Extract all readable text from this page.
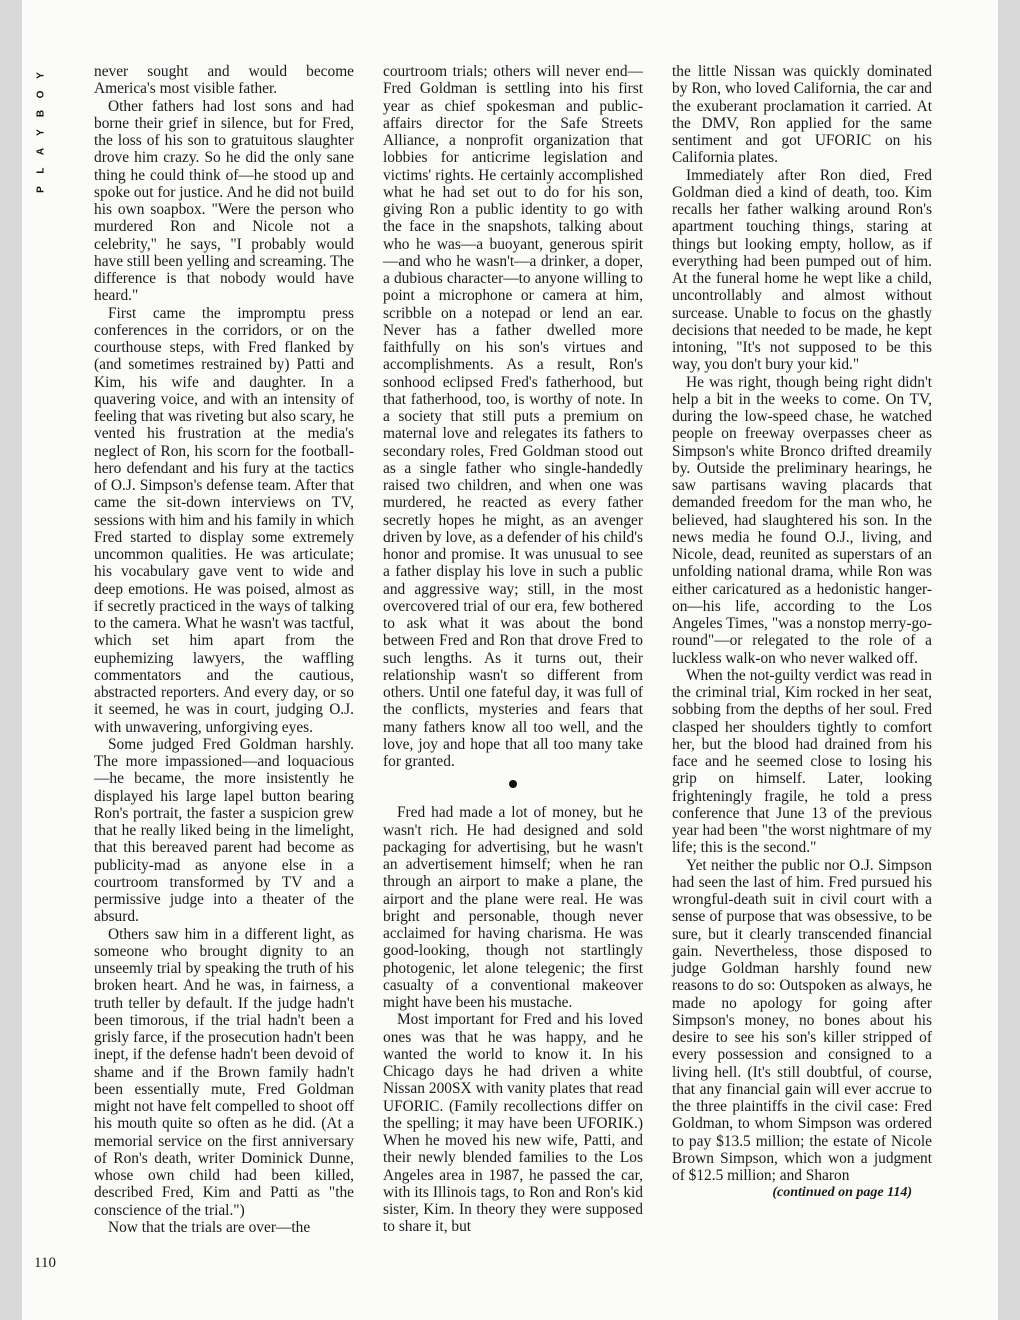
Y
O
B
Y
A
L
P

never sought and would become America's most visible father.

Other fathers had lost sons and had borne their grief in silence, but for Fred, the loss of his son to gratuitous slaughter drove him crazy. So he did the only sane thing he could think of—he stood up and spoke out for justice. And he did not build his own soapbox. "Were the person who murdered Ron and Nicole not a celebrity," he says, "I probably would have still been yelling and screaming. The difference is that nobody would have heard."

First came the impromptu press conferences in the corridors, or on the courthouse steps, with Fred flanked by (and sometimes restrained by) Patti and Kim, his wife and daughter. In a quavering voice, and with an intensity of feeling that was riveting but also scary, he vented his frustration at the media's neglect of Ron, his scorn for the football-hero defendant and his fury at the tactics of O.J. Simpson's defense team. After that came the sit-down interviews on TV, sessions with him and his family in which Fred started to display some extremely uncommon qualities. He was articulate; his vocabulary gave vent to wide and deep emotions. He was poised, almost as if secretly practiced in the ways of talking to the camera. What he wasn't was tactful, which set him apart from the euphemizing lawyers, the waffling commentators and the cautious, abstracted reporters. And every day, or so it seemed, he was in court, judging O.J. with unwavering, unforgiving eyes.

Some judged Fred Goldman harshly. The more impassioned—and loquacious—he became, the more insistently he displayed his large lapel button bearing Ron's portrait, the faster a suspicion grew that he really liked being in the limelight, that this bereaved parent had become as publicity-mad as anyone else in a courtroom transformed by TV and a permissive judge into a theater of the absurd.

Others saw him in a different light, as someone who brought dignity to an unseemly trial by speaking the truth of his broken heart. And he was, in fairness, a truth teller by default. If the judge hadn't been timorous, if the trial hadn't been a grisly farce, if the prosecution hadn't been inept, if the defense hadn't been devoid of shame and if the Brown family hadn't been essentially mute, Fred Goldman might not have felt compelled to shoot off his mouth quite so often as he did. (At a memorial service on the first anniversary of Ron's death, writer Dominick Dunne, whose own child had been killed, described Fred, Kim and Patti as "the conscience of the trial.")

Now that the trials are over—the

courtroom trials; others will never end—Fred Goldman is settling into his first year as chief spokesman and public-affairs director for the Safe Streets Alliance, a nonprofit organization that lobbies for anticrime legislation and victims' rights. He certainly accomplished what he had set out to do for his son, giving Ron a public identity to go with the face in the snapshots, talking about who he was—a buoyant, generous spirit—and who he wasn't—a drinker, a doper, a dubious character—to anyone willing to point a microphone or camera at him, scribble on a notepad or lend an ear. Never has a father dwelled more faithfully on his son's virtues and accomplishments. As a result, Ron's sonhood eclipsed Fred's fatherhood, but that fatherhood, too, is worthy of note. In a society that still puts a premium on maternal love and relegates its fathers to secondary roles, Fred Goldman stood out as a single father who single-handedly raised two children, and when one was murdered, he reacted as every father secretly hopes he might, as an avenger driven by love, as a defender of his child's honor and promise. It was unusual to see a father display his love in such a public and aggressive way; still, in the most overcovered trial of our era, few bothered to ask what it was about the bond between Fred and Ron that drove Fred to such lengths. As it turns out, their relationship wasn't so different from others. Until one fateful day, it was full of the conflicts, mysteries and fears that many fathers know all too well, and the love, joy and hope that all too many take for granted.

Fred had made a lot of money, but he wasn't rich. He had designed and sold packaging for advertising, but he wasn't an advertisement himself; when he ran through an airport to make a plane, the airport and the plane were real. He was bright and personable, though never acclaimed for having charisma. He was good-looking, though not startlingly photogenic, let alone telegenic; the first casualty of a conventional makeover might have been his mustache.

Most important for Fred and his loved ones was that he was happy, and he wanted the world to know it. In his Chicago days he had driven a white Nissan 200SX with vanity plates that read UFORIC. (Family recollections differ on the spelling; it may have been UFORIK.) When he moved his new wife, Patti, and their newly blended families to the Los Angeles area in 1987, he passed the car, with its Illinois tags, to Ron and Ron's kid sister, Kim. In theory they were supposed to share it, but

the little Nissan was quickly dominated by Ron, who loved California, the car and the exuberant proclamation it carried. At the DMV, Ron applied for the same sentiment and got UFORIC on his California plates.

Immediately after Ron died, Fred Goldman died a kind of death, too. Kim recalls her father walking around Ron's apartment touching things, staring at things but looking empty, hollow, as if everything had been pumped out of him. At the funeral home he wept like a child, uncontrollably and almost without surcease. Unable to focus on the ghastly decisions that needed to be made, he kept intoning, "It's not supposed to be this way, you don't bury your kid."

He was right, though being right didn't help a bit in the weeks to come. On TV, during the low-speed chase, he watched people on freeway overpasses cheer as Simpson's white Bronco drifted dreamily by. Outside the preliminary hearings, he saw partisans waving placards that demanded freedom for the man who, he believed, had slaughtered his son. In the news media he found O.J., living, and Nicole, dead, reunited as superstars of an unfolding national drama, while Ron was either caricatured as a hedonistic hanger-on—his life, according to the Los Angeles Times, "was a nonstop merry-go-round"—or relegated to the role of a luckless walk-on who never walked off.

When the not-guilty verdict was read in the criminal trial, Kim rocked in her seat, sobbing from the depths of her soul. Fred clasped her shoulders tightly to comfort her, but the blood had drained from his face and he seemed close to losing his grip on himself. Later, looking frighteningly fragile, he told a press conference that June 13 of the previous year had been "the worst nightmare of my life; this is the second."

Yet neither the public nor O.J. Simpson had seen the last of him. Fred pursued his wrongful-death suit in civil court with a sense of purpose that was obsessive, to be sure, but it clearly transcended financial gain. Nevertheless, those disposed to judge Goldman harshly found new reasons to do so: Outspoken as always, he made no apology for going after Simpson's money, no bones about his desire to see his son's killer stripped of every possession and consigned to a living hell. (It's still doubtful, of course, that any financial gain will ever accrue to the three plaintiffs in the civil case: Fred Goldman, to whom Simpson was ordered to pay $13.5 million; the estate of Nicole Brown Simpson, which won a judgment of $12.5 million; and Sharon

(continued on page 114)
110
